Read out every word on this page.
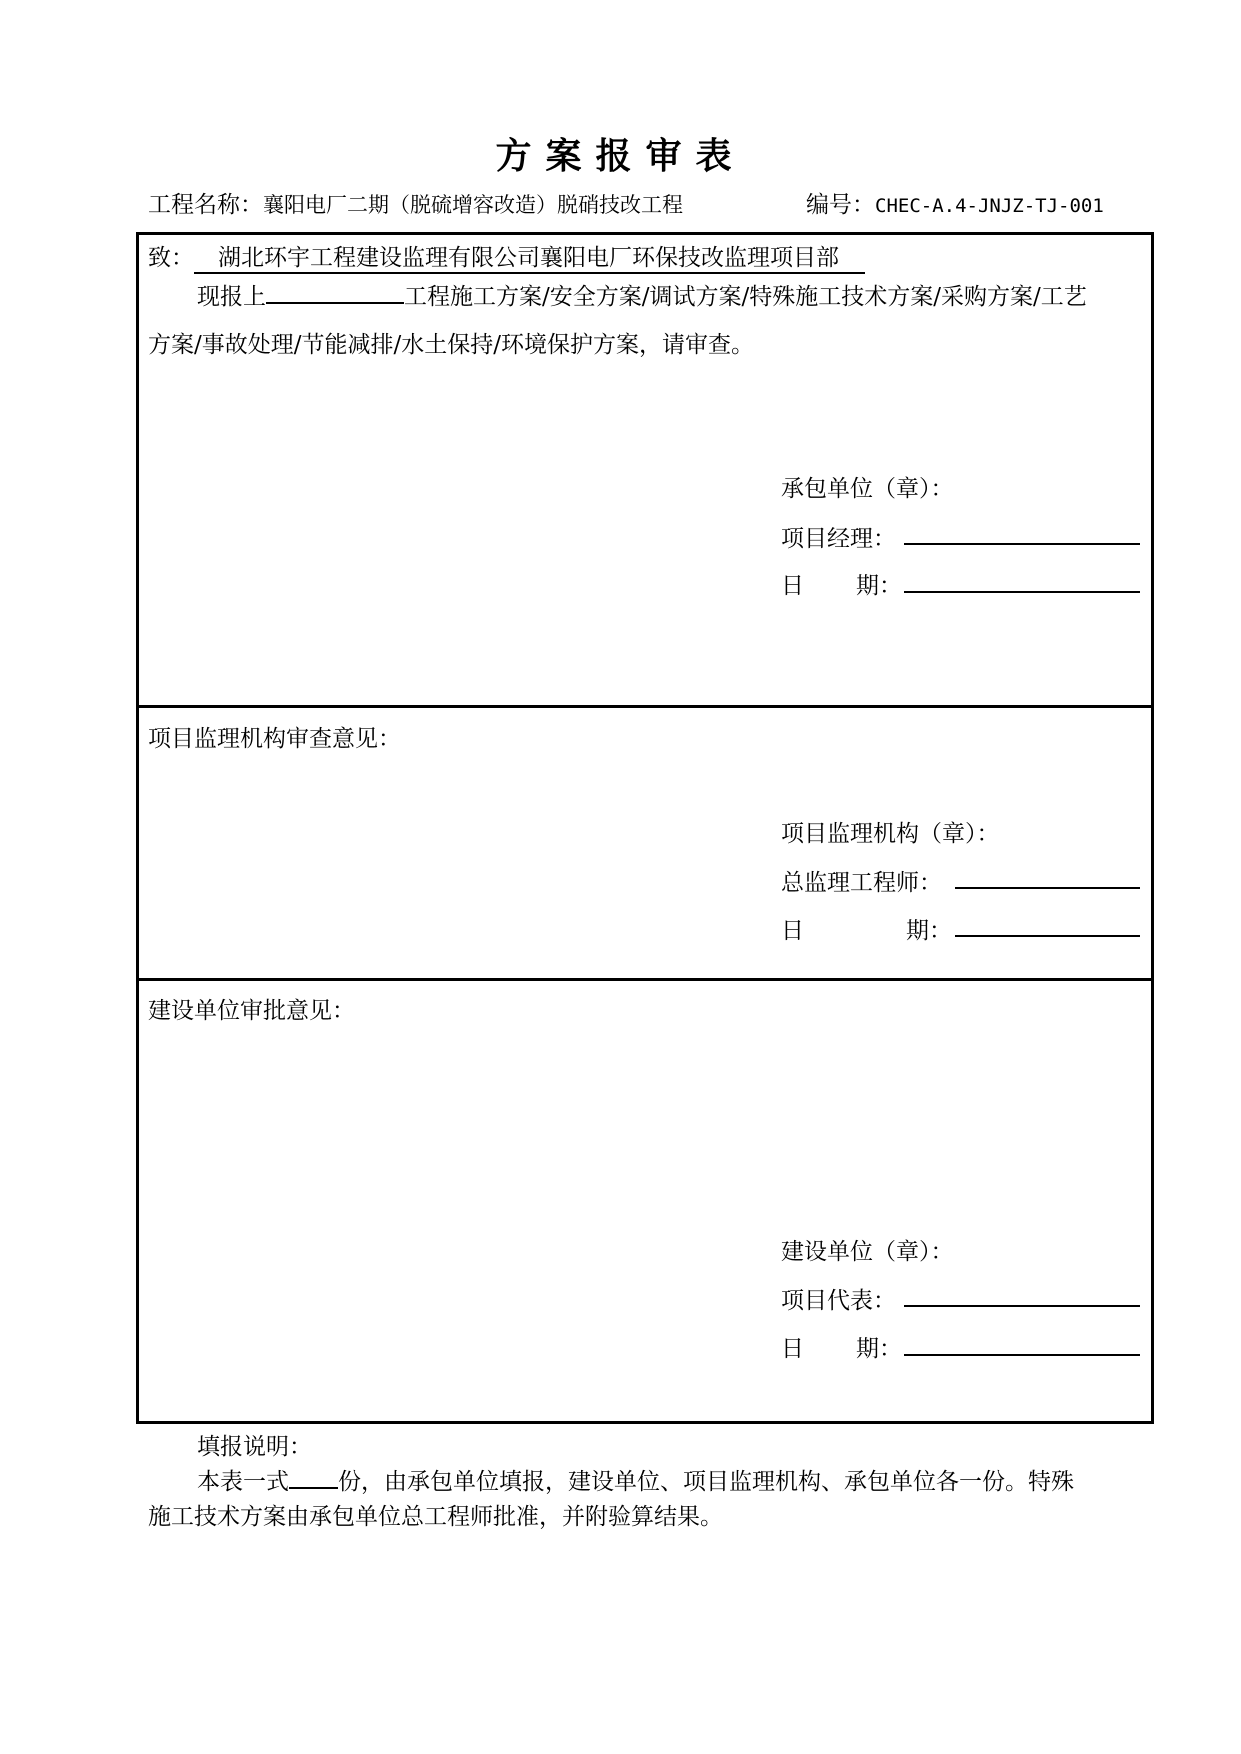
方案报审表
工程名称：襄阳电厂二期（脱硫增容改造）脱硝技改工程	编号：CHEC-A.4-JNJZ-TJ-001
致： 湖北环宇工程建设监理有限公司襄阳电厂环保技改监理项目部
现报上	工程施工方案/安全方案/调试方案/特殊施工技术方案/采购方案/工艺
方案/事故处理/节能减排/水土保持/环境保护方案，请审查。
承包单位（章）：
项目经理：
日 期：
项目监理机构审查意见：
项目监理机构（章）：
总监理工程师：
日	期：
建设单位审批意见：
建设单位（章）：
项目代表：
日 期：
填报说明：
本表一式 份，由承包单位填报，建设单位、项目监理机构、承包单位各一份。特殊
施工技术方案由承包单位总工程师批准，并附验算结果。
